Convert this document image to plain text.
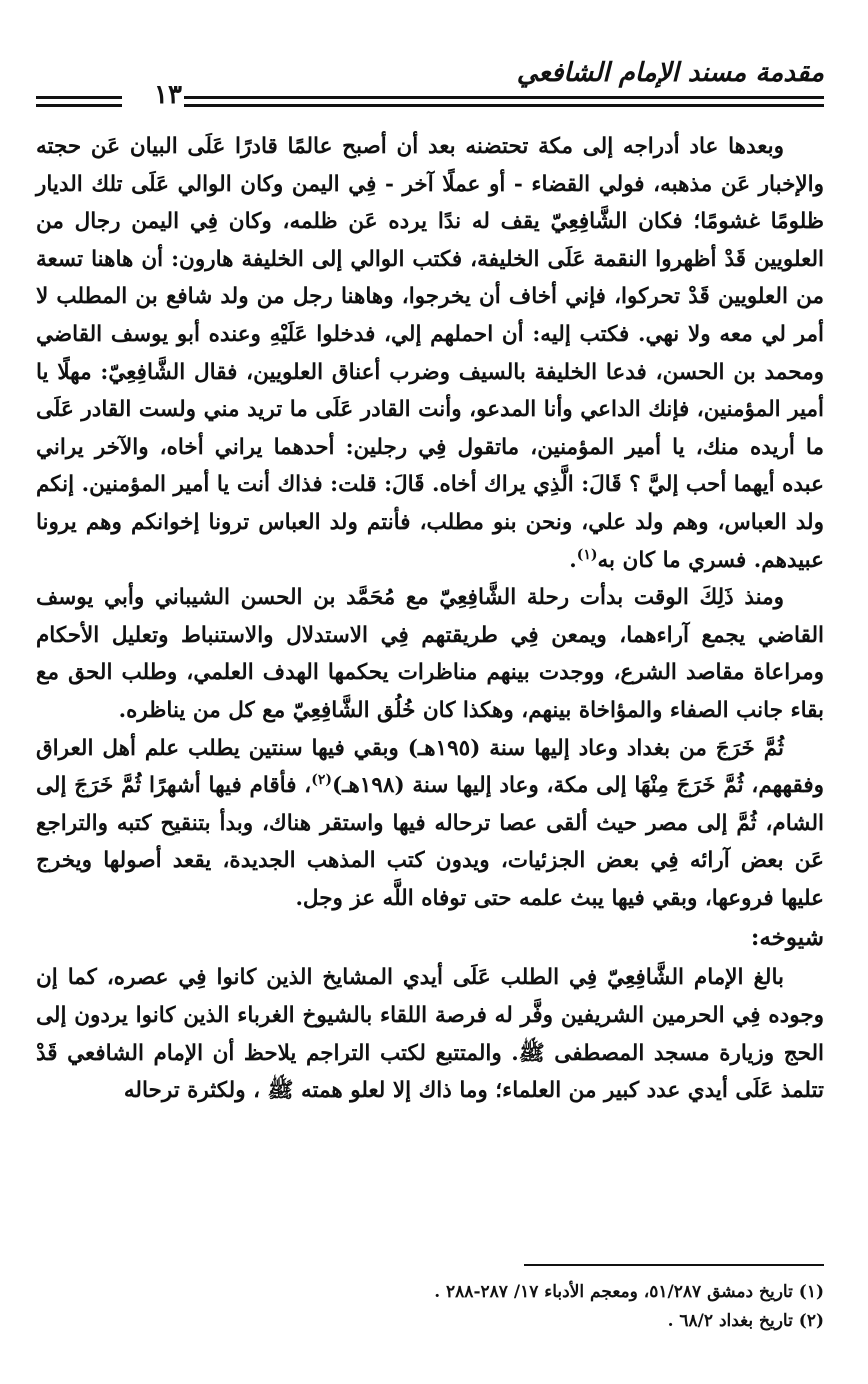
مقدمة مسند الإمام الشافعي
١٣

وبعدها عاد أدراجه إلى مكة تحتضنه بعد أن أصبح عالمًا قادرًا عَلَى البيان عَن حجته والإخبار عَن مذهبه، فولي القضاء - أو عملًا آخر - فِي اليمن وكان الوالي عَلَى تلك الديار ظلومًا غشومًا؛ فكان الشَّافِعِيّ يقف له ندًا يرده عَن ظلمه، وكان فِي اليمن رجال من العلويين قَدْ أظهروا النقمة عَلَى الخليفة، فكتب الوالي إلى الخليفة هارون: أن هاهنا تسعة من العلويين قَدْ تحركوا، فإني أخاف أن يخرجوا، وهاهنا رجل من ولد شافع بن المطلب لا أمر لي معه ولا نهي. فكتب إليه: أن احملهم إلي، فدخلوا عَلَيْهِ وعنده أبو يوسف القاضي ومحمد بن الحسن، فدعا الخليفة بالسيف وضرب أعناق العلويين، فقال الشَّافِعِيّ: مهلًا يا أمير المؤمنين، فإنك الداعي وأنا المدعو، وأنت القادر عَلَى ما تريد مني ولست القادر عَلَى ما أريده منك، يا أمير المؤمنين، ماتقول فِي رجلين: أحدهما يراني أخاه، والآخر يراني عبده أيهما أحب إليَّ ؟ قَالَ: الَّذِي يراك أخاه. قَالَ: قلت: فذاك أنت يا أمير المؤمنين. إنكم ولد العباس، وهم ولد علي، ونحن بنو مطلب، فأنتم ولد العباس ترونا إخوانكم وهم يرونا عبيدهم. فسري ما كان به$^{(١)}$.

ومنذ ذَلِكَ الوقت بدأت رحلة الشَّافِعِيّ مع مُحَمَّد بن الحسن الشيباني وأبي يوسف القاضي يجمع آراءهما، ويمعن فِي طريقتهم فِي الاستدلال والاستنباط وتعليل الأحكام ومراعاة مقاصد الشرع، ووجدت بينهم مناظرات يحكمها الهدف العلمي، وطلب الحق مع بقاء جانب الصفاء والمؤاخاة بينهم، وهكذا كان خُلُق الشَّافِعِيّ مع كل من يناظره.

ثُمَّ خَرَجَ من بغداد وعاد إليها سنة (١٩٥هـ) وبقي فيها سنتين يطلب علم أهل العراق وفقههم، ثُمَّ خَرَجَ مِنْهَا إلى مكة، وعاد إليها سنة (١٩٨هـ)$^{(٢)}$، فأقام فيها أشهرًا ثُمَّ خَرَجَ إلى الشام، ثُمَّ إلى مصر حيث ألقى عصا ترحاله فيها واستقر هناك، وبدأ بتنقيح كتبه والتراجع عَن بعض آرائه فِي بعض الجزئيات، ويدون كتب المذهب الجديدة، يقعد أصولها ويخرج عليها فروعها، وبقي فيها يبث علمه حتى توفاه اللَّه عز وجل.

شيوخه:

بالغ الإمام الشَّافِعِيّ فِي الطلب عَلَى أيدي المشايخ الذين كانوا فِي عصره، كما إن وجوده فِي الحرمين الشريفين وفَّر له فرصة اللقاء بالشيوخ الغرباء الذين كانوا يردون إلى الحج وزيارة مسجد المصطفى ﷺ. والمتتبع لكتب التراجم يلاحظ أن الإمام الشافعي قَدْ تتلمذ عَلَى أيدي عدد كبير من العلماء؛ وما ذاك إلا لعلو همته ﷺ ، ولكثرة ترحاله

(١) تاريخ دمشق ٥١/٢٨٧، ومعجم الأدباء ١٧/ ٢٨٧-٢٨٨ .
(٢) تاريخ بغداد ٦٨/٢ .
